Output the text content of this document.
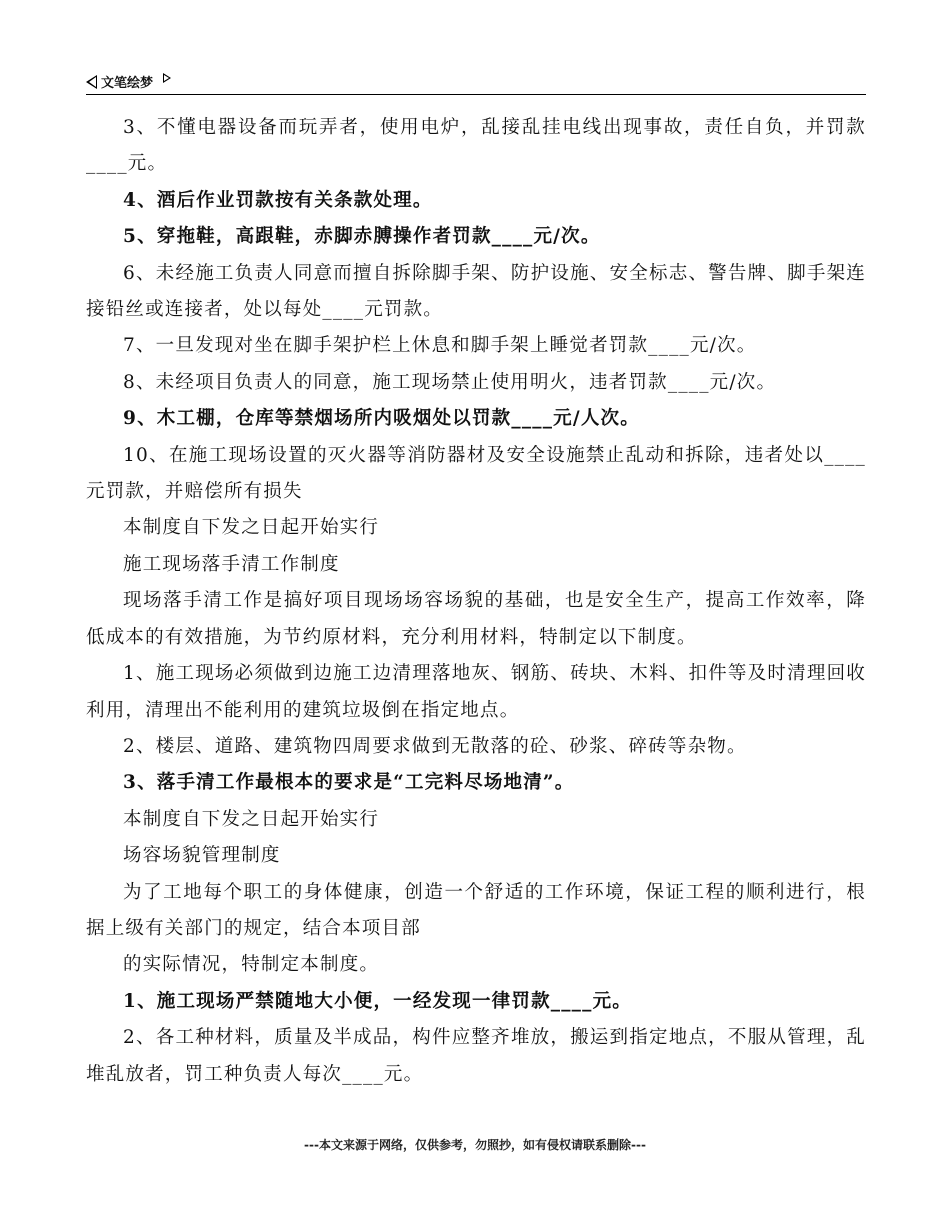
文笔绘梦

3、不懂电器设备而玩弄者，使用电炉，乱接乱挂电线出现事故，责任自负，并罚款____元。

4、酒后作业罚款按有关条款处理。

5、穿拖鞋，高跟鞋，赤脚赤膊操作者罚款____元/次。

6、未经施工负责人同意而擅自拆除脚手架、防护设施、安全标志、警告牌、脚手架连接铅丝或连接者，处以每处____元罚款。

7、一旦发现对坐在脚手架护栏上休息和脚手架上睡觉者罚款____元/次。

8、未经项目负责人的同意，施工现场禁止使用明火，违者罚款____元/次。

9、木工棚，仓库等禁烟场所内吸烟处以罚款____元/人次。

10、在施工现场设置的灭火器等消防器材及安全设施禁止乱动和拆除，违者处以____元罚款，并赔偿所有损失

本制度自下发之日起开始实行

施工现场落手清工作制度

现场落手清工作是搞好项目现场场容场貌的基础，也是安全生产，提高工作效率，降低成本的有效措施，为节约原材料，充分利用材料，特制定以下制度。

1、施工现场必须做到边施工边清理落地灰、钢筋、砖块、木料、扣件等及时清理回收利用，清理出不能利用的建筑垃圾倒在指定地点。

2、楼层、道路、建筑物四周要求做到无散落的砼、砂浆、碎砖等杂物。

3、落手清工作最根本的要求是“工完料尽场地清”。

本制度自下发之日起开始实行

场容场貌管理制度

为了工地每个职工的身体健康，创造一个舒适的工作环境，保证工程的顺利进行，根据上级有关部门的规定，结合本项目部

的实际情况，特制定本制度。

1、施工现场严禁随地大小便，一经发现一律罚款____元。

2、各工种材料，质量及半成品，构件应整齐堆放，搬运到指定地点，不服从管理，乱堆乱放者，罚工种负责人每次____元。

---本文来源于网络，仅供参考，勿照抄，如有侵权请联系删除---
